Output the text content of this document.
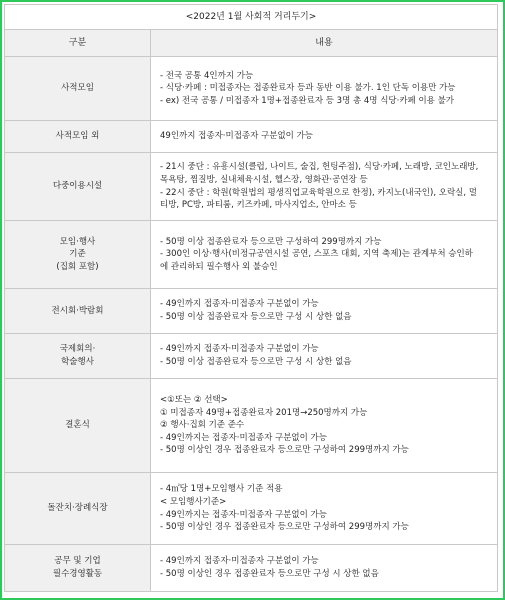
<2022년 1월 사회적 거리두기>	
구분	내용

사적모임	- 전국 공통 4인까지 가능
- 식당·카페 : 미접종자는 접종완료자 등과 동반 이용 불가. 1인 단독 이용만 가능
- ex) 전국 공통 / 미접종자 1명+접종완료자 등 3명 총 4명 식당·카페 이용 불가

사적모임 외	49인까지 접종자·미접종자 구분없이 가능

다중이용시설	- 21시 중단 : 유흥시설(클럽, 나이트, 술집, 헌팅주점), 식당·카페, 노래방, 코인노래방,
목욕탕, 찜질방, 실내체육시설, 헬스장, 영화관·공연장 등
- 22시 중단 : 학원(학원법의 평생직업교육학원으로 한정), 카지노(내국인), 오락실, 멀
티방, PC방, 파티룸, 키즈카페, 마사지업소, 안마소 등

모임·행사
기준
(집회 포함)	- 50명 이상 접종완료자 등으로만 구성하여 299명까지 가능
- 300인 이상·행사(비정규공연시설 공연, 스포츠 대회, 지역 축제)는 관계부처 승인하
에 관리하되 필수행사 외 불승인

전시회·박람회	- 49인까지 접종자·미접종자 구분없이 가능
- 50명 이상 접종완료자 등으로만 구성 시 상한 없음

국제회의·
학술행사	- 49인까지 접종자·미접종자 구분없이 가능
- 50명 이상 접종완료자 등으로만 구성 시 상한 없음

결혼식	<①또는 ② 선택>
① 미접종자 49명+접종완료자 201명→250명까지 가능
② 행사·집회 기준 준수
- 49인까지는 접종자·미접종자 구분없이 가능
- 50명 이상인 경우 접종완료자 등으로만 구성하여 299명까지 가능

돌잔치·장례식장	- 4㎡당 1명+모임행사 기준 적용
< 모임행사기준>
- 49인까지는 접종자·미접종자 구분없이 가능
- 50명 이상인 경우 접종완료자 등으로만 구성하여 299명까지 가능

공무 및 기업
필수경영활동	- 49인까지 접종자·미접종자 구분없이 가능
- 50명 이상인 경우 접종완료자 등으로만 구성 시 상한 없음
